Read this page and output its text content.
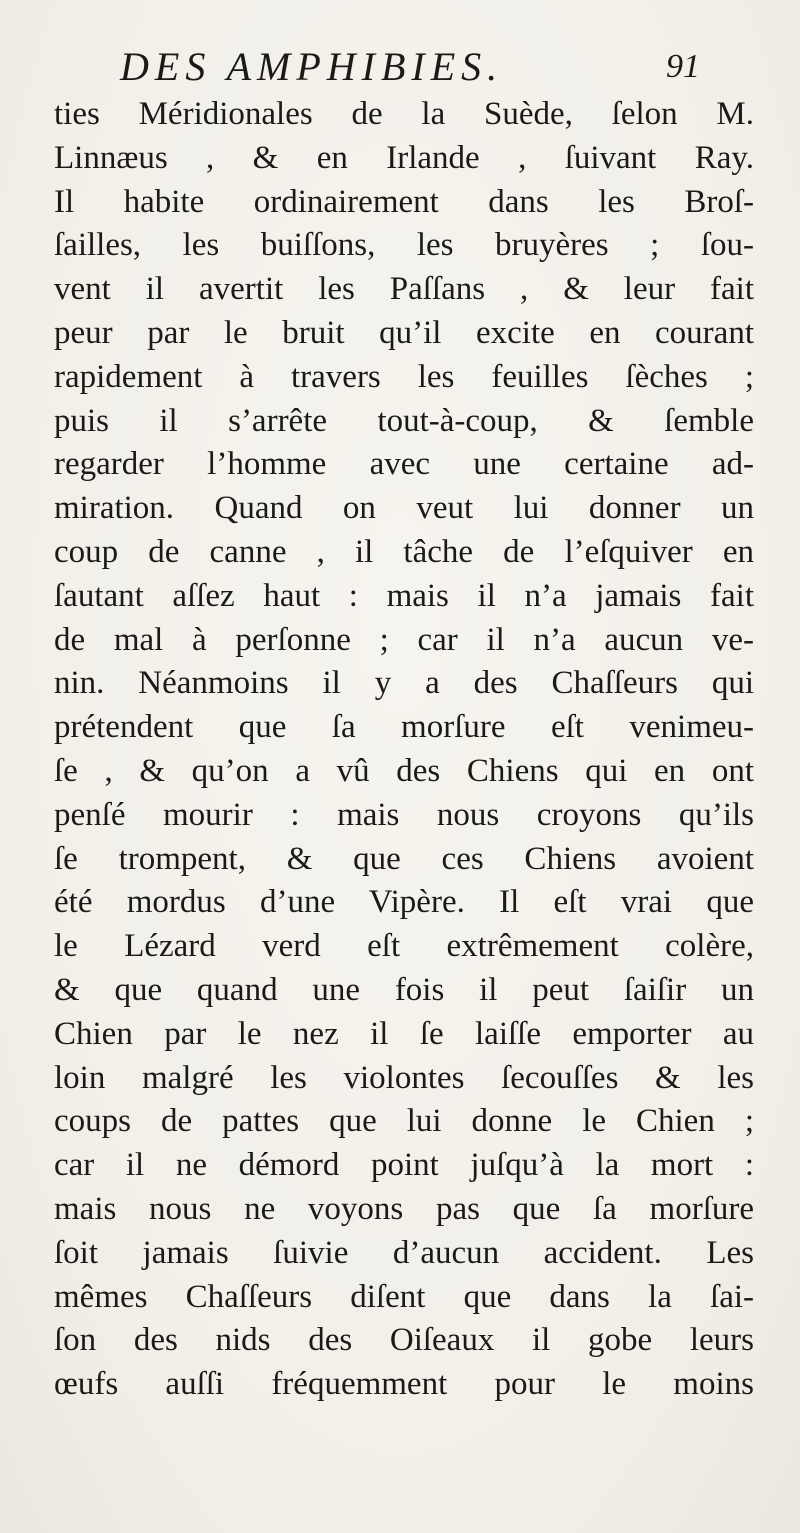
DES AMPHIBIES.	91
ties Méridionales de la Suède, ſelon M.
Linnæus , & en Irlande , ſuivant Ray.
Il habite ordinairement dans les Broſ-
ſailles, les buiſſons, les bruyères ; ſou-
vent il avertit les Paſſans , & leur fait
peur par le bruit qu’il excite en courant
rapidement à travers les feuilles ſèches ;
puis il s’arrête tout-à-coup, & ſemble
regarder l’homme avec une certaine ad-
miration. Quand on veut lui donner un
coup de canne , il tâche de l’eſquiver en
ſautant aſſez haut : mais il n’a jamais fait
de mal à perſonne ; car il n’a aucun ve-
nin. Néanmoins il y a des Chaſſeurs qui
prétendent que ſa morſure eſt venimeu-
ſe , & qu’on a vû des Chiens qui en ont
penſé mourir : mais nous croyons qu’ils
ſe trompent, & que ces Chiens avoient
été mordus d’une Vipère. Il eſt vrai que
le Lézard verd eſt extrêmement colère,
& que quand une fois il peut ſaiſir un
Chien par le nez il ſe laiſſe emporter au
loin malgré les violontes ſecouſſes & les
coups de pattes que lui donne le Chien ;
car il ne démord point juſqu’à la mort :
mais nous ne voyons pas que ſa morſure
ſoit jamais ſuivie d’aucun accident. Les
mêmes Chaſſeurs diſent que dans la ſai-
ſon des nids des Oiſeaux il gobe leurs
œufs auſſi fréquemment pour le moins
